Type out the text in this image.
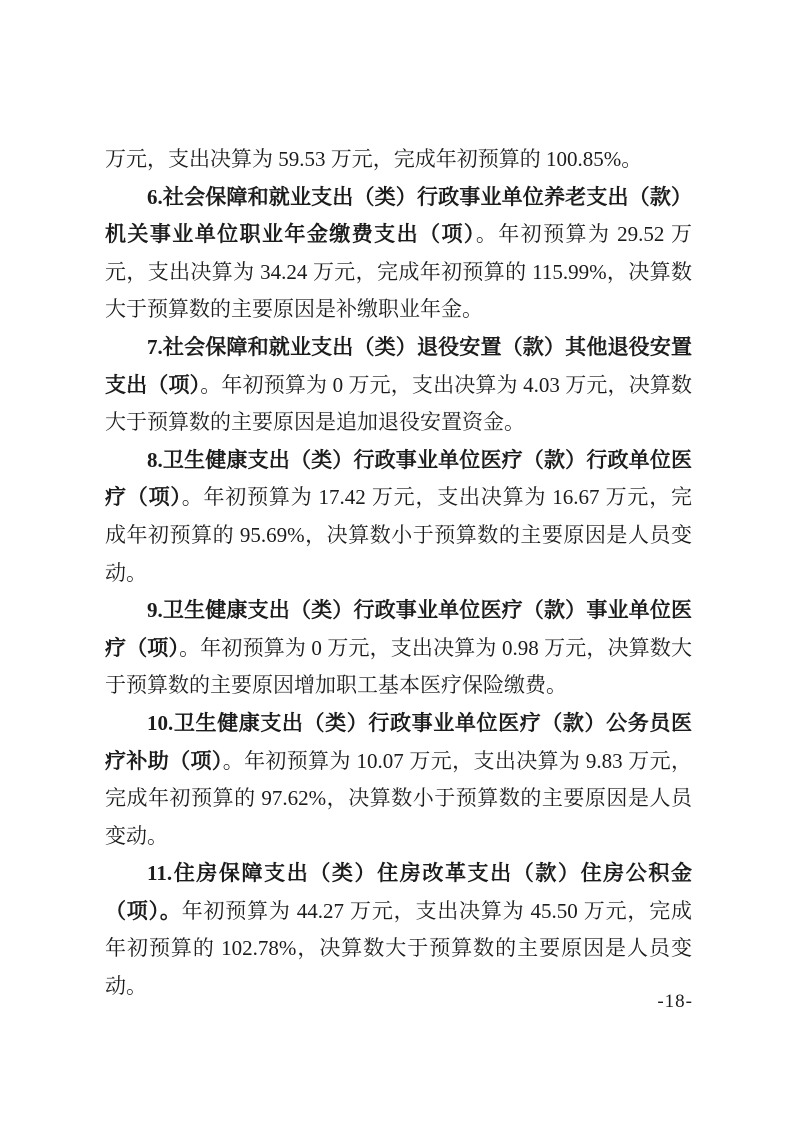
万元，支出决算为 59.53 万元，完成年初预算的 100.85%。

6.社会保障和就业支出（类）行政事业单位养老支出（款）机关事业单位职业年金缴费支出（项）。年初预算为 29.52 万元，支出决算为 34.24 万元，完成年初预算的 115.99%，决算数大于预算数的主要原因是补缴职业年金。

7.社会保障和就业支出（类）退役安置（款）其他退役安置支出（项）。年初预算为 0 万元，支出决算为 4.03 万元，决算数大于预算数的主要原因是追加退役安置资金。

8.卫生健康支出（类）行政事业单位医疗（款）行政单位医疗（项）。年初预算为 17.42 万元，支出决算为 16.67 万元，完成年初预算的 95.69%，决算数小于预算数的主要原因是人员变动。

9.卫生健康支出（类）行政事业单位医疗（款）事业单位医疗（项）。年初预算为 0 万元，支出决算为 0.98 万元，决算数大于预算数的主要原因增加职工基本医疗保险缴费。

10.卫生健康支出（类）行政事业单位医疗（款）公务员医疗补助（项）。年初预算为 10.07 万元，支出决算为 9.83 万元，完成年初预算的 97.62%，决算数小于预算数的主要原因是人员变动。

11.住房保障支出（类）住房改革支出（款）住房公积金（项）。年初预算为 44.27 万元，支出决算为 45.50 万元，完成年初预算的 102.78%，决算数大于预算数的主要原因是人员变动。

-18-
